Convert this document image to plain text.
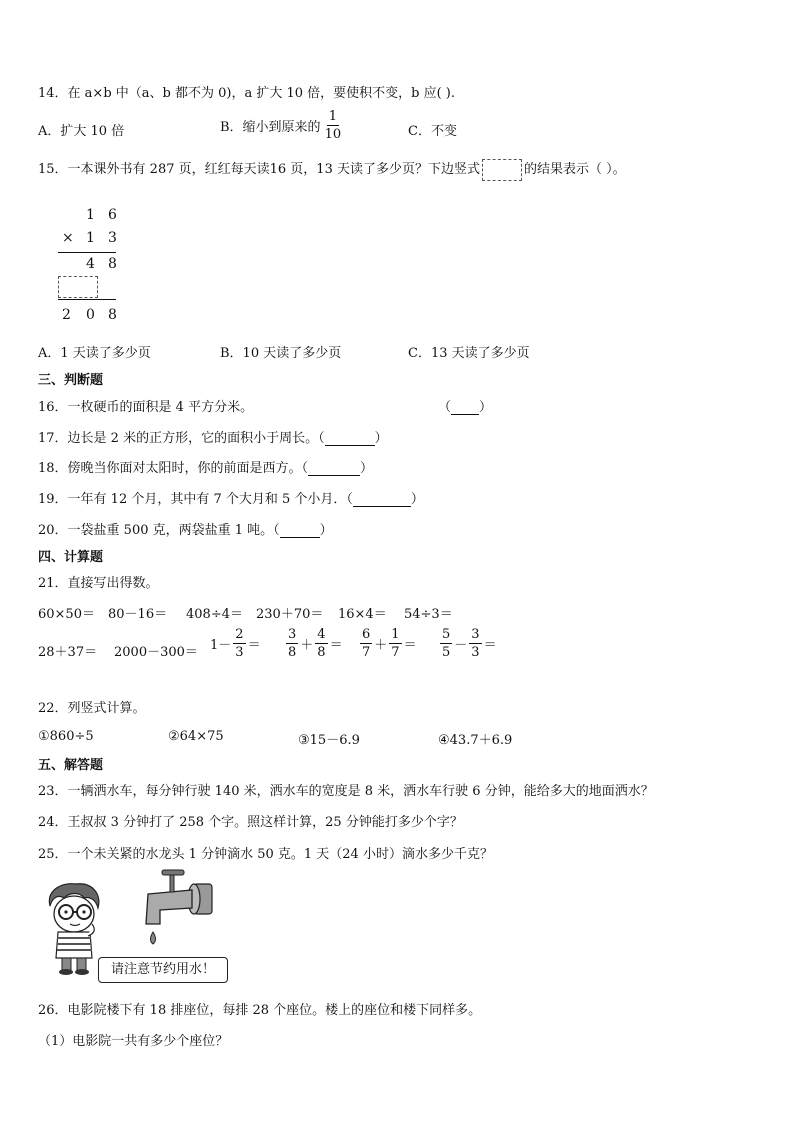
14．在 a×b 中（a、b 都不为 0)，a 扩大 10 倍，要使积不变，b 应( ).
A．扩大 10 倍	B．缩小到原来的 $\frac{1}{10}$	C．不变
15．一本课外书有 287 页，红红每天读16 页，13 天读了多少页？下边竖式	的结果表示（ ）。
1 6
× 1 3
4 8
2 0 8
A．1 天读了多少页	B．10 天读了多少页	C．13 天读了多少页
三、判断题
16．一枚硬币的面积是 4 平方分米。	（ ）
17．边长是 2 米的正方形，它的面积小于周长。（	）
18．傍晚当你面对太阳时，你的前面是西方。（	）
19．一年有 12 个月，其中有 7 个大月和 5 个小月．（	）
20．一袋盐重 500 克，两袋盐重 1 吨。（	）
四、计算题
21．直接写出得数。
60×50＝ 80－16＝ 408÷4＝ 230＋70＝ 16×4＝ 54÷3＝
$28+37= 2000-300= 1- \frac{2}{3} = \frac{3}{8} + \frac{4}{8} = \frac{6}{7} + \frac{1}{7} = \frac{5}{5} - \frac{3}{3}$ ＝
22．列竖式计算。
①860÷5	②64×75	③15－6.9	④43.7＋6.9
五、解答题
23．一辆洒水车，每分钟行驶 140 米，洒水车的宽度是 8 米，洒水车行驶 6 分钟，能给多大的地面洒水？
24．王叔叔 3 分钟打了 258 个字。照这样计算，25 分钟能打多少个字？
25．一个未关紧的水龙头 1 分钟滴水 50 克。1 天（24 小时）滴水多少千克？
请注意节约用水！
26．电影院楼下有 18 排座位，每排 28 个座位。楼上的座位和楼下同样多。
（1）电影院一共有多少个座位？
